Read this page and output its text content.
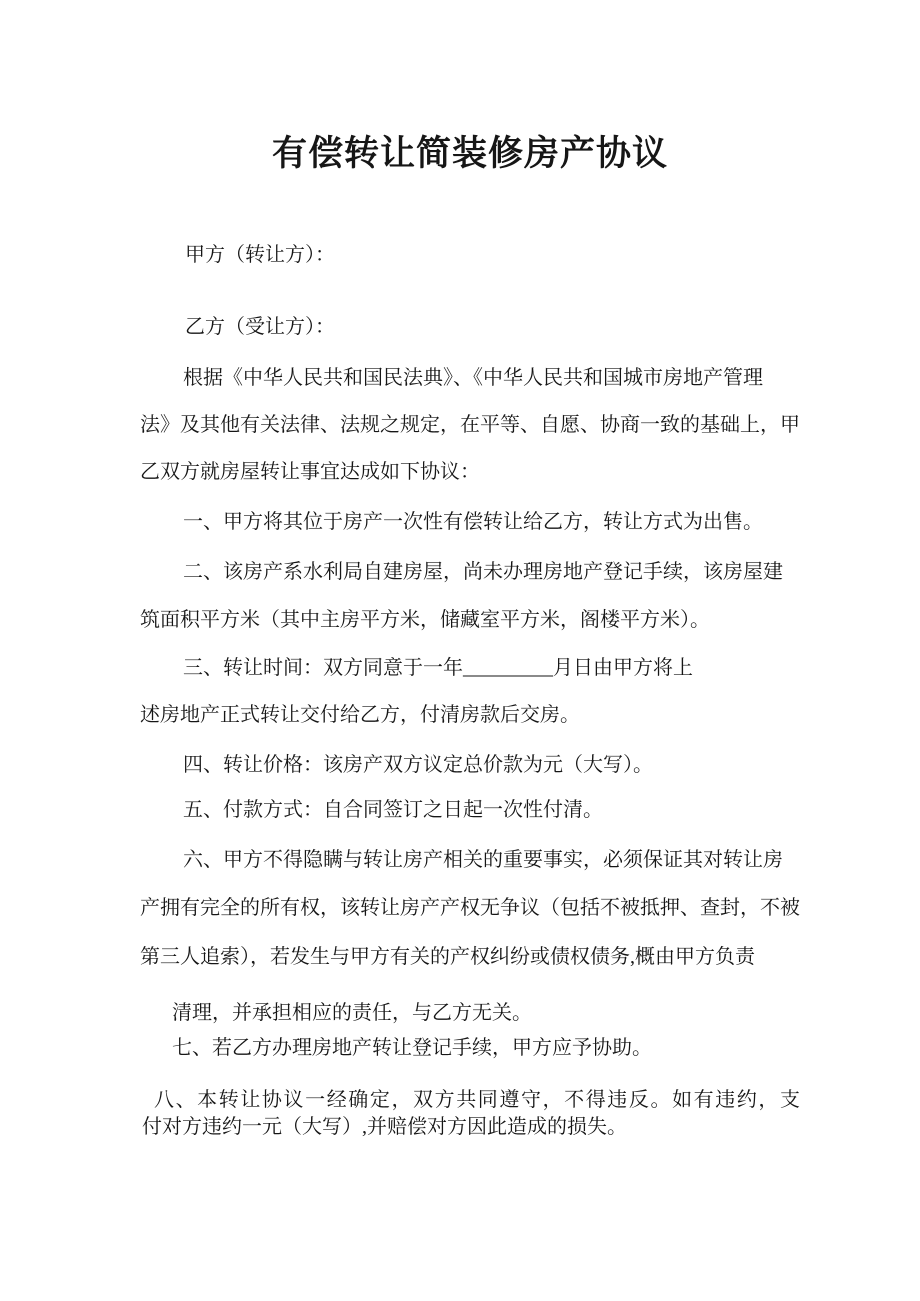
有偿转让简装修房产协议
甲方（转让方）：
乙方（受让方）：
根据《中华人民共和国民法典》、《中华人民共和国城市房地产管理
法》及其他有关法律、法规之规定，在平等、自愿、协商一致的基础上，甲
乙双方就房屋转让事宜达成如下协议：
一、甲方将其位于房产一次性有偿转让给乙方，转让方式为出售。
二、该房产系水利局自建房屋，尚未办理房地产登记手续，该房屋建
筑面积平方米（其中主房平方米，储藏室平方米，阁楼平方米）。
三、转让时间：双方同意于一年_________月日由甲方将上
述房地产正式转让交付给乙方，付清房款后交房。
四、转让价格：该房产双方议定总价款为元（大写）。
五、付款方式：自合同签订之日起一次性付清。
六、甲方不得隐瞒与转让房产相关的重要事实，必须保证其对转让房
产拥有完全的所有权，该转让房产产权无争议（包括不被抵押、查封，不被
第三人追索），若发生与甲方有关的产权纠纷或债权债务,概由甲方负责
清理，并承担相应的责任，与乙方无关。
七、若乙方办理房地产转让登记手续，甲方应予协助。
八、本转让协议一经确定，双方共同遵守，不得违反。如有违约，支
付对方违约一元（大写）,并赔偿对方因此造成的损失。
